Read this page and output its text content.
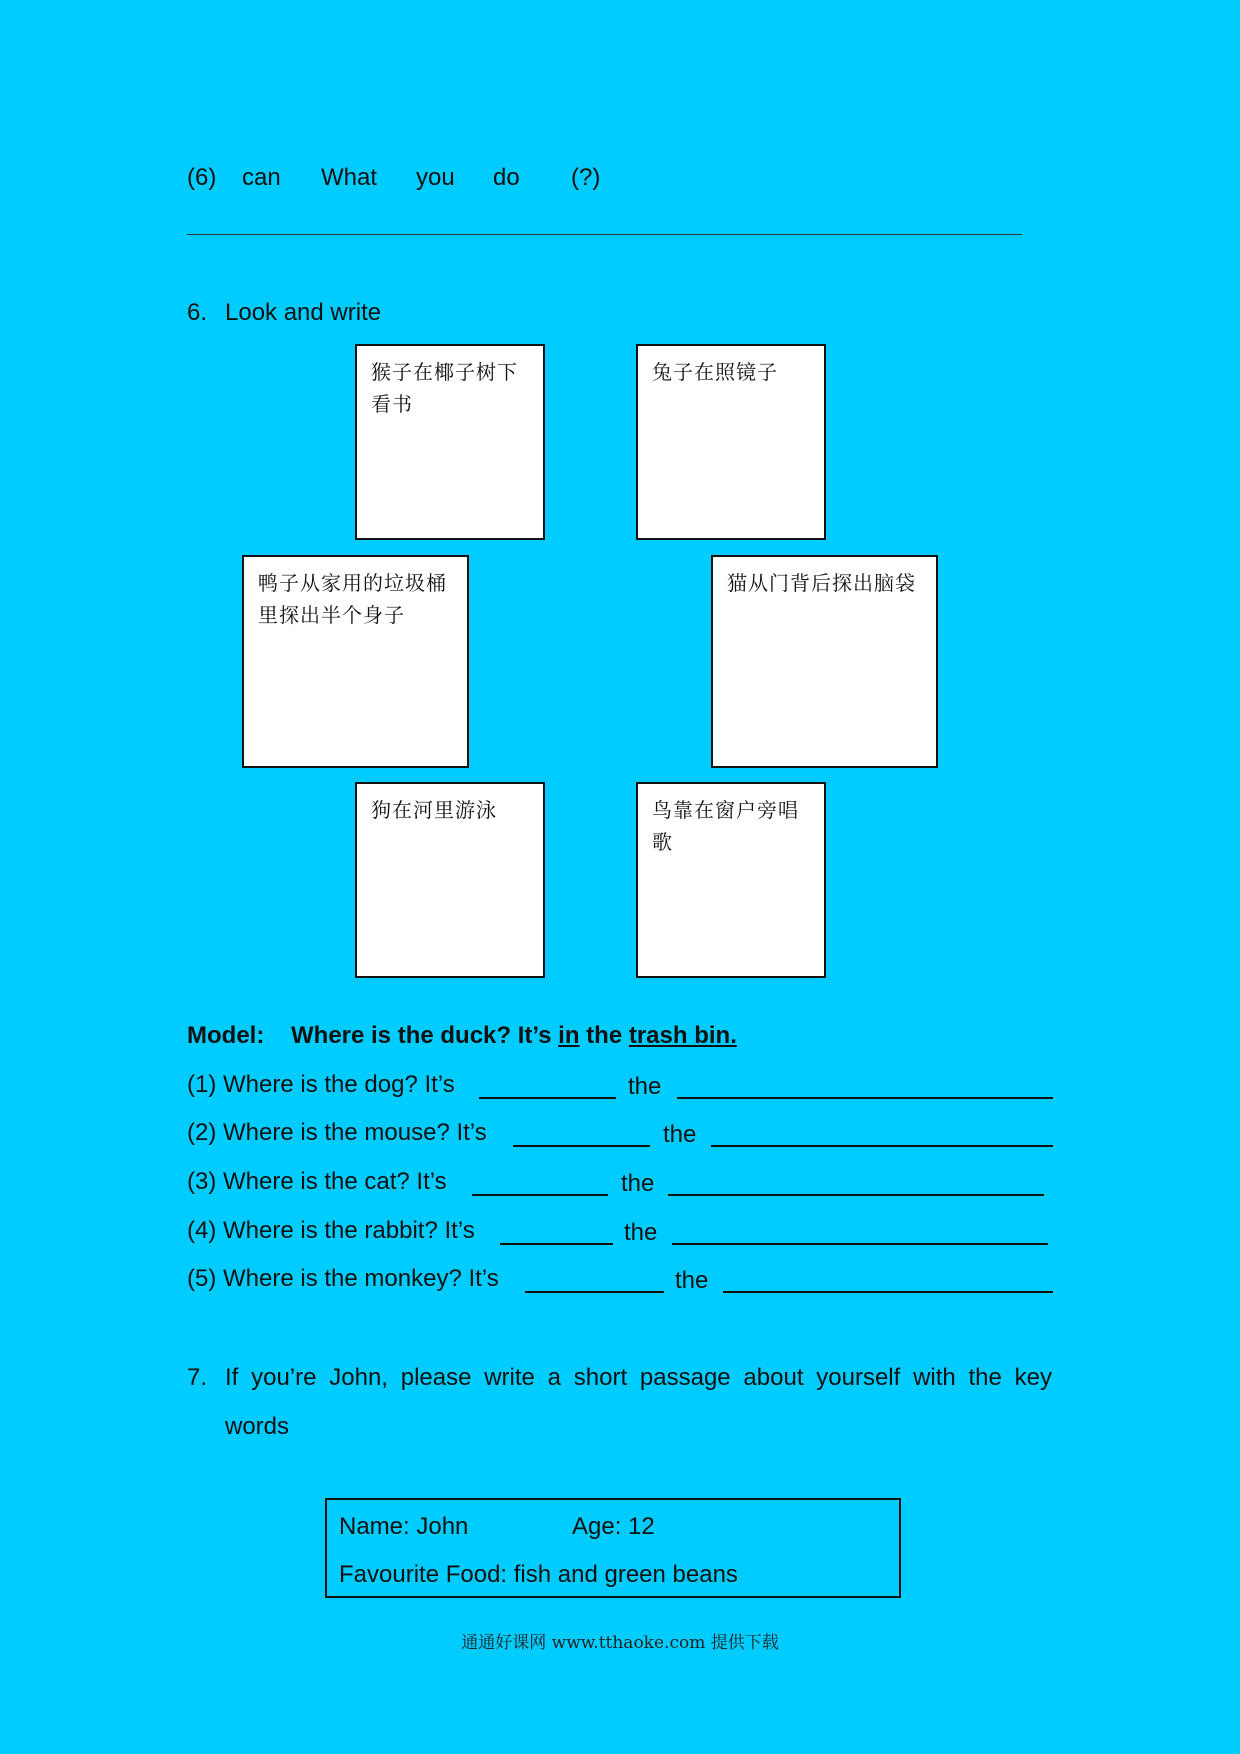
(6) can What you do (?)
6. Look and write
猴子在椰子树下看书
兔子在照镜子
鸭子从家用的垃圾桶里探出半个身子
猫从门背后探出脑袋
狗在河里游泳	鸟靠在窗户旁唱歌
Model: Where is the duck? It’s in the trash bin.
(1) Where is the dog? It’s	the
(2) Where is the mouse? It’s	the
(3) Where is the cat? It’s	the
(4) Where is the rabbit? It’s	the
(5) Where is the monkey? It’s	the
7. If you’re John, please write a short passage about yourself with the key
words
Name: John	Age: 12
Favourite Food: fish and green beans
通通好课网 www.tthaoke.com 提供下载
